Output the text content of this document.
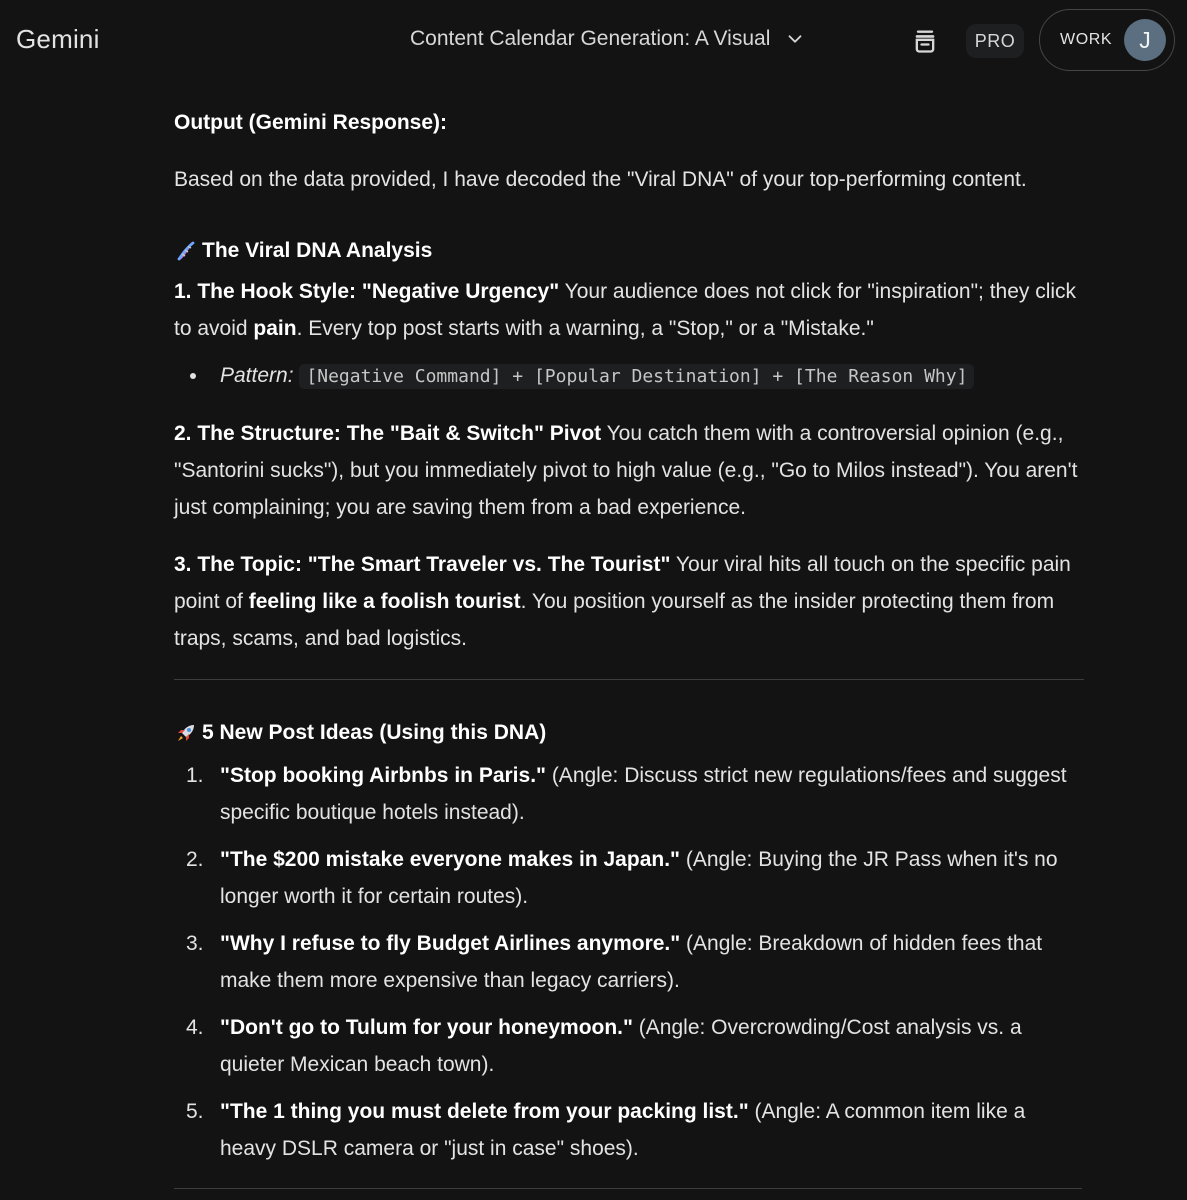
Gemini	Content Calendar Generation: A Visual	PRO	WORK	J

Output (Gemini Response):

Based on the data provided, I have decoded the "Viral DNA" of your top-performing content.

The Viral DNA Analysis

1. The Hook Style: "Negative Urgency" Your audience does not click for "inspiration"; they click to avoid pain. Every top post starts with a warning, a "Stop," or a "Mistake."

Pattern: [Negative Command] + [Popular Destination] + [The Reason Why]

2. The Structure: The "Bait & Switch" Pivot You catch them with a controversial opinion (e.g., "Santorini sucks"), but you immediately pivot to high value (e.g., "Go to Milos instead"). You aren't just complaining; you are saving them from a bad experience.

3. The Topic: "The Smart Traveler vs. The Tourist" Your viral hits all touch on the specific pain point of feeling like a foolish tourist. You position yourself as the insider protecting them from traps, scams, and bad logistics.

5 New Post Ideas (Using this DNA)
1. "Stop booking Airbnbs in Paris." (Angle: Discuss strict new regulations/fees and suggest specific boutique hotels instead).
2. "The $200 mistake everyone makes in Japan." (Angle: Buying the JR Pass when it's no longer worth it for certain routes).
3. "Why I refuse to fly Budget Airlines anymore." (Angle: Breakdown of hidden fees that make them more expensive than legacy carriers).
4. "Don't go to Tulum for your honeymoon." (Angle: Overcrowding/Cost analysis vs. a quieter Mexican beach town).
5. "The 1 thing you must delete from your packing list." (Angle: A common item like a heavy DSLR camera or "just in case" shoes).
